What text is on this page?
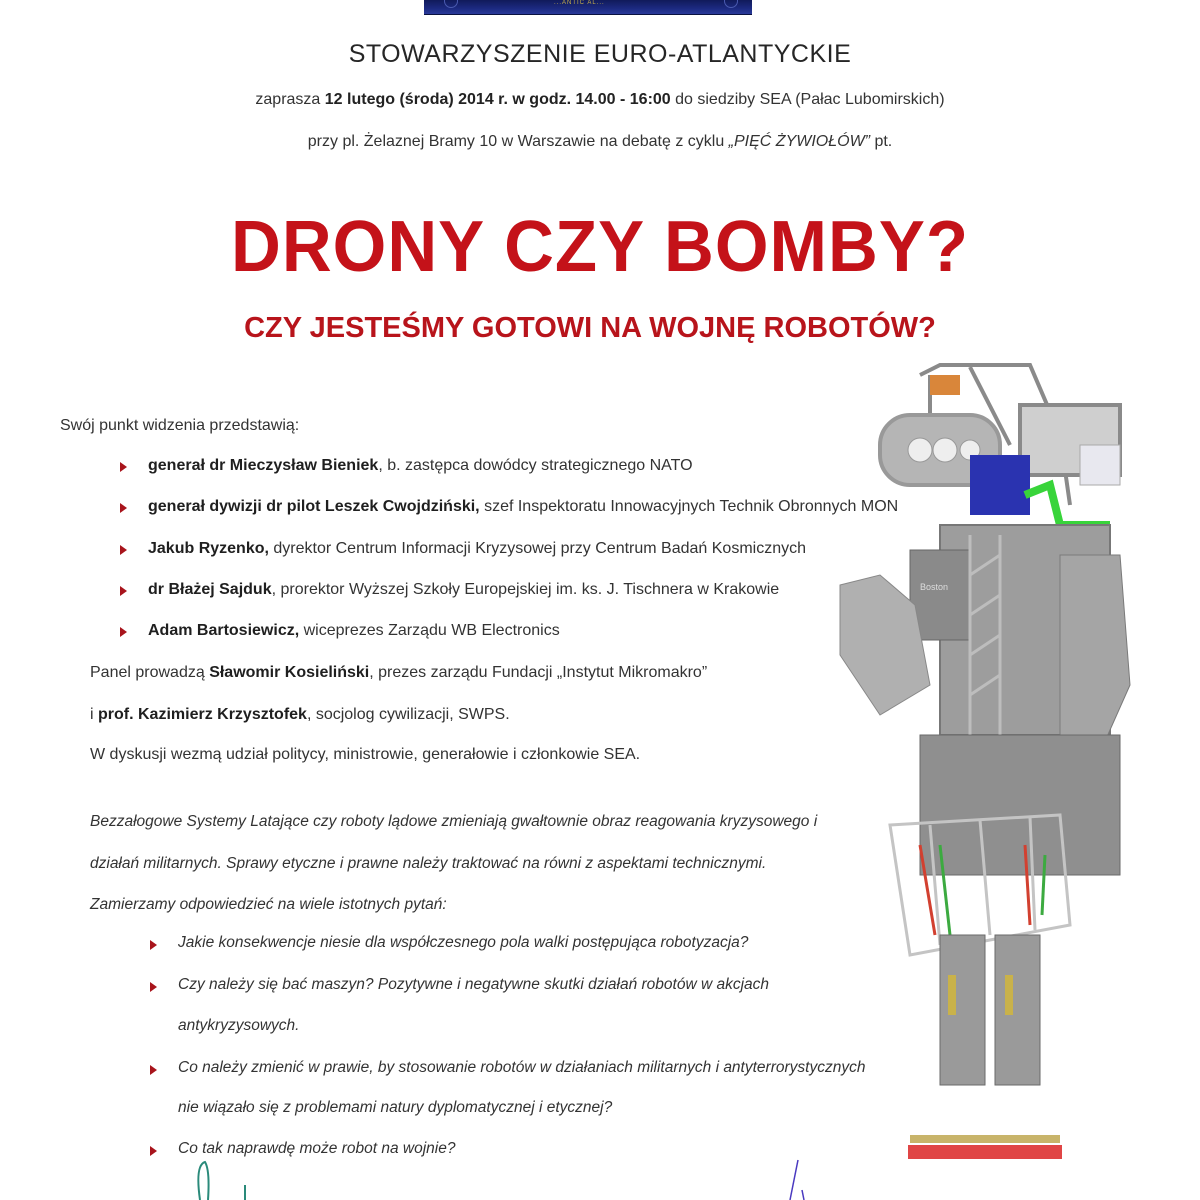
...ANTIC AL...
STOWARZYSZENIE EURO-ATLANTYCKIE
zaprasza 12 lutego (środa) 2014 r. w godz. 14.00 - 16:00 do siedziby SEA (Pałac Lubomirskich)
przy pl. Żelaznej Bramy 10 w Warszawie na debatę z cyklu „PIĘĆ ŻYWIOŁÓW” pt.
DRONY CZY BOMBY?
CZY JESTEŚMY GOTOWI NA WOJNĘ ROBOTÓW?
Boston
Swój punkt widzenia przedstawią:
generał dr Mieczysław Bieniek, b. zastępca dowódcy strategicznego NATO
generał dywizji dr pilot Leszek Cwojdziński, szef Inspektoratu Innowacyjnych Technik Obronnych MON
Jakub Ryzenko, dyrektor Centrum Informacji Kryzysowej przy Centrum Badań Kosmicznych
dr Błażej Sajduk, prorektor Wyższej Szkoły Europejskiej im. ks. J. Tischnera w Krakowie
Adam Bartosiewicz, wiceprezes Zarządu WB Electronics
Panel prowadzą Sławomir Kosieliński, prezes zarządu Fundacji „Instytut Mikromakro”
i prof. Kazimierz Krzysztofek, socjolog cywilizacji, SWPS.
W dyskusji wezmą udział politycy, ministrowie, generałowie i członkowie SEA.
Bezzałogowe Systemy Latające czy roboty lądowe zmieniają gwałtownie obraz reagowania kryzysowego i
działań militarnych. Sprawy etyczne i prawne należy traktować na równi z aspektami technicznymi.
Zamierzamy odpowiedzieć na wiele istotnych pytań:
Jakie konsekwencje niesie dla współczesnego pola walki postępująca robotyzacja?
Czy należy się bać maszyn? Pozytywne i negatywne skutki działań robotów w akcjach
antykryzysowych.
Co należy zmienić w prawie, by stosowanie robotów w działaniach militarnych i antyterrorystycznych
nie wiązało się z problemami natury dyplomatycznej i etycznej?
Co tak naprawdę może robot na wojnie?
